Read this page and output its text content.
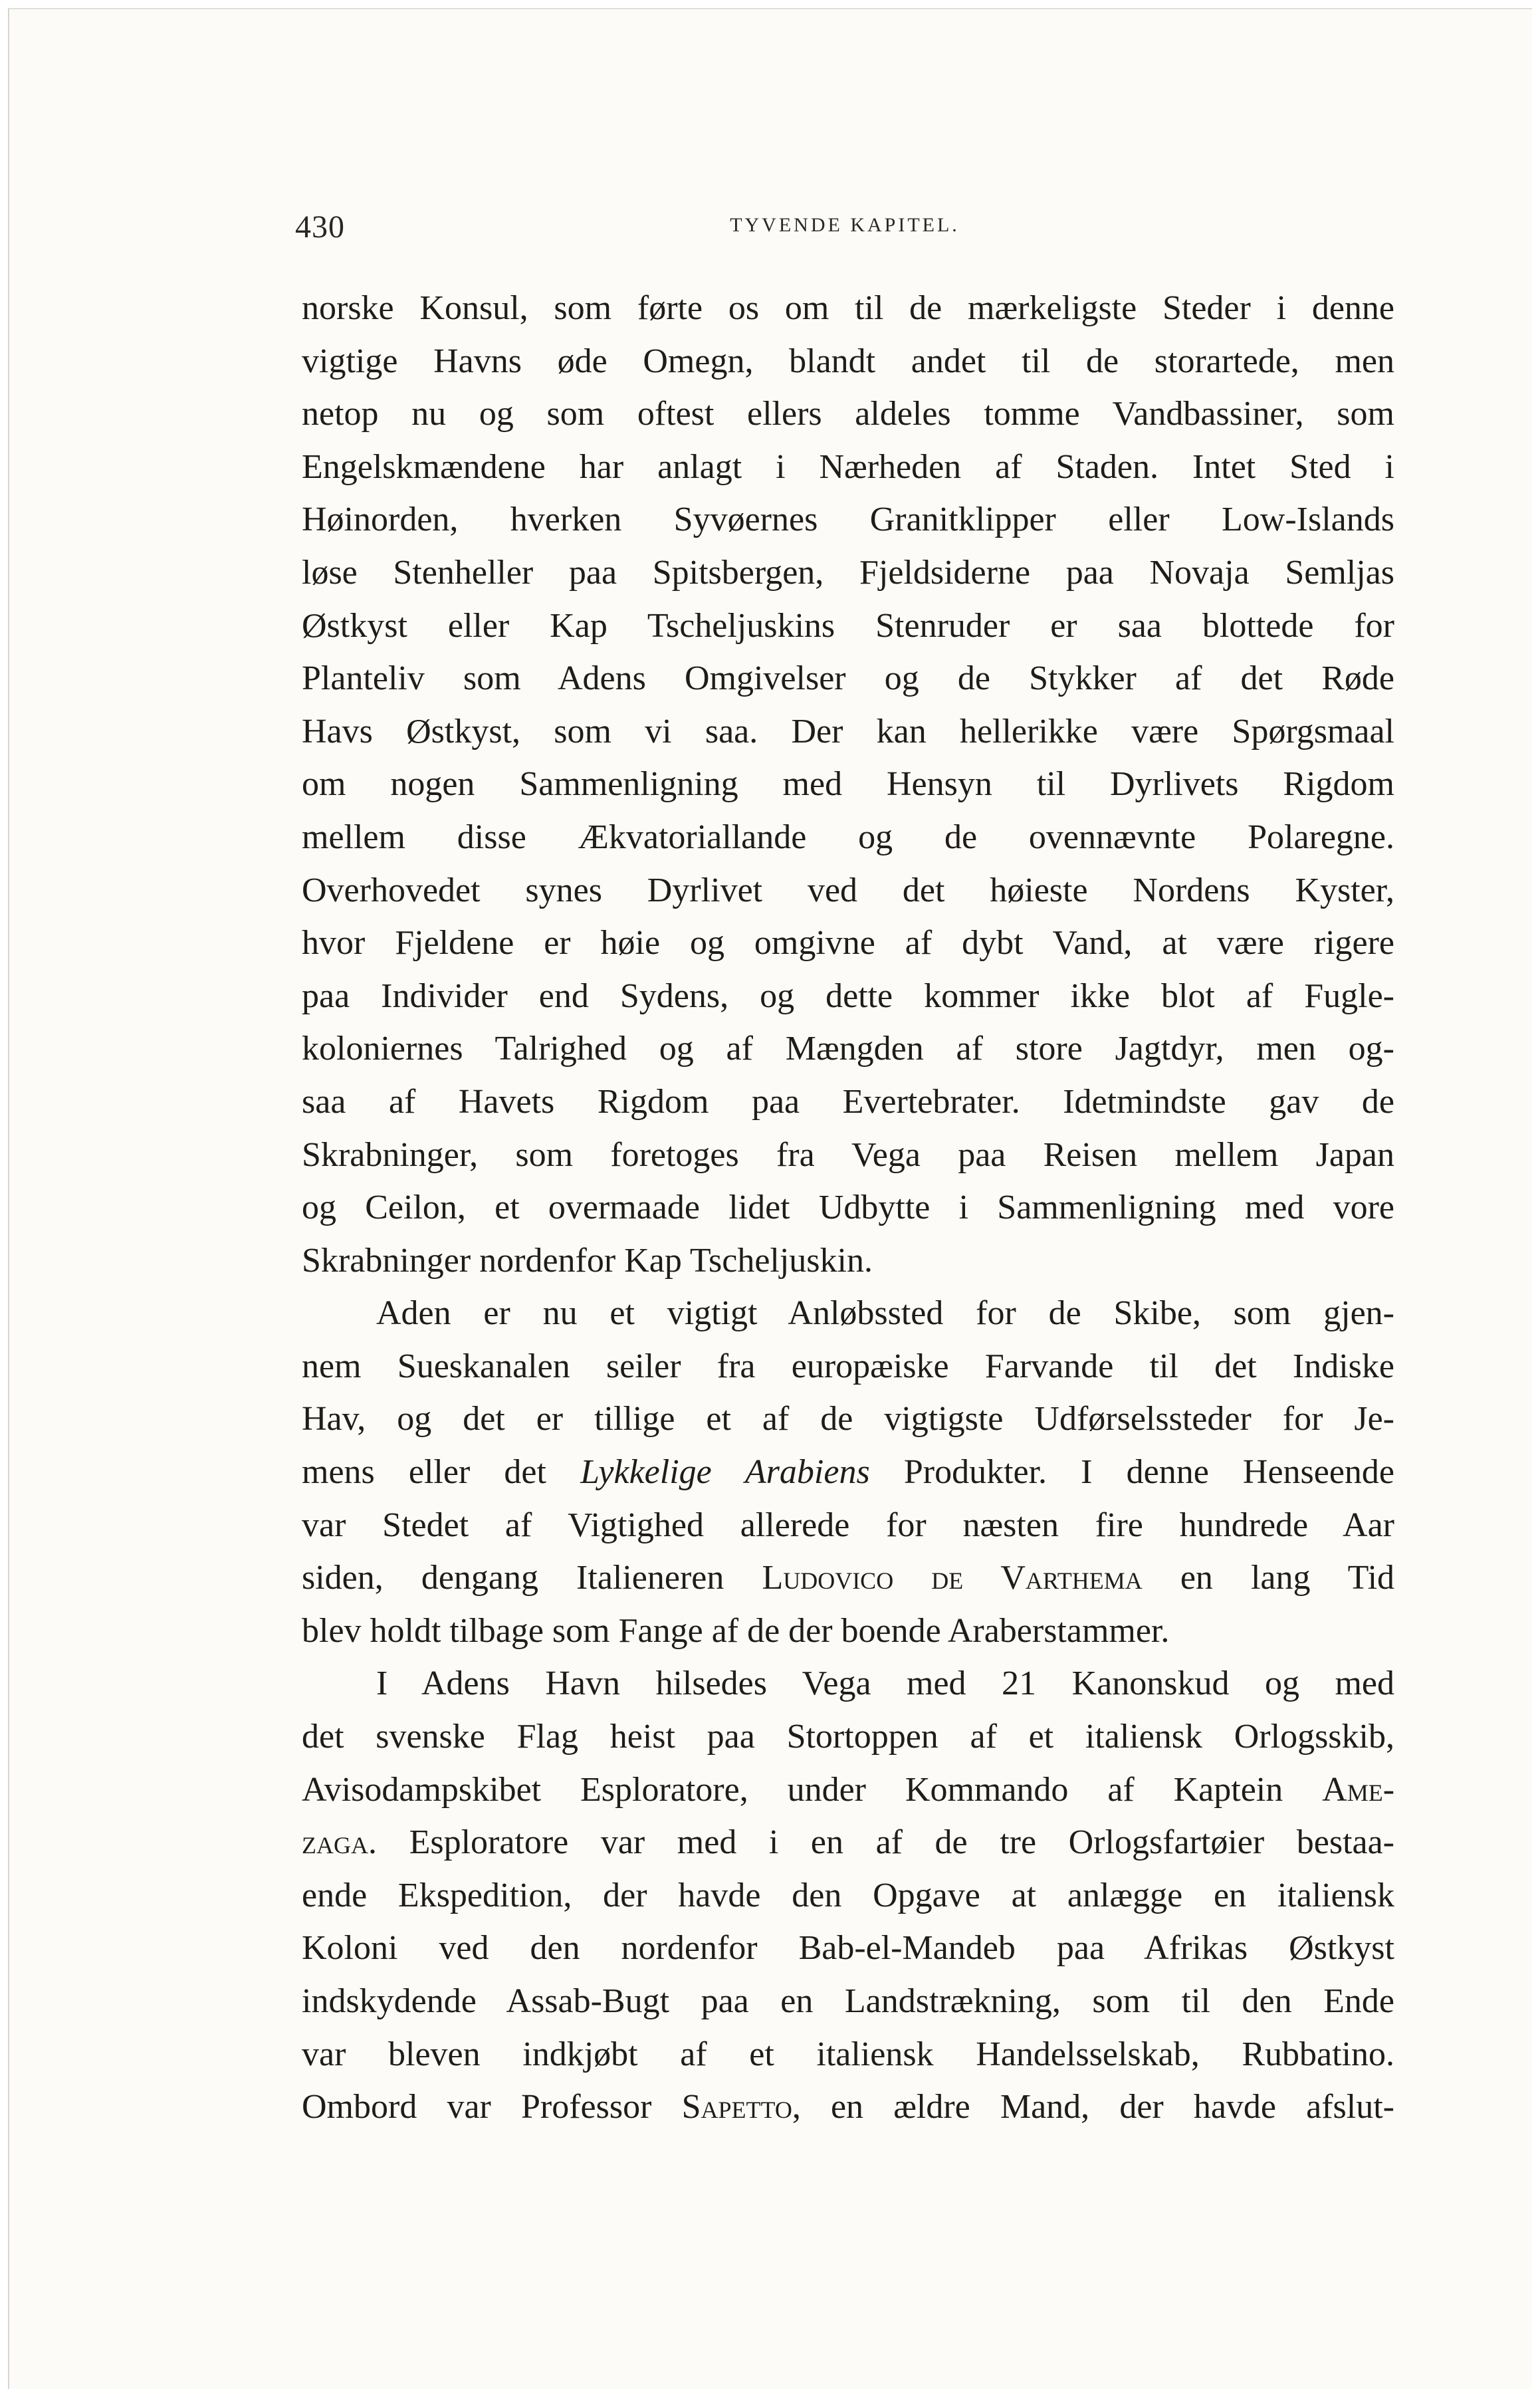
430	TYVENDE KAPITEL.
norske Konsul, som førte os om til de mærkeligste Steder i denne
vigtige Havns øde Omegn, blandt andet til de storartede, men
netop nu og som oftest ellers aldeles tomme Vandbassiner, som
Engelskmændene har anlagt i Nærheden af Staden. Intet Sted i
Høinorden, hverken Syvøernes Granitklipper eller Low-Islands
løse Stenheller paa Spitsbergen, Fjeldsiderne paa Novaja Semljas
Østkyst eller Kap Tscheljuskins Stenruder er saa blottede for
Planteliv som Adens Omgivelser og de Stykker af det Røde
Havs Østkyst, som vi saa. Der kan hellerikke være Spørgsmaal
om nogen Sammenligning med Hensyn til Dyrlivets Rigdom
mellem disse Ækvatoriallande og de ovennævnte Polaregne.
Overhovedet synes Dyrlivet ved det høieste Nordens Kyster,
hvor Fjeldene er høie og omgivne af dybt Vand, at være rigere
paa Individer end Sydens, og dette kommer ikke blot af Fugle-
koloniernes Talrighed og af Mængden af store Jagtdyr, men og-
saa af Havets Rigdom paa Evertebrater. Idetmindste gav de
Skrabninger, som foretoges fra Vega paa Reisen mellem Japan
og Ceilon, et overmaade lidet Udbytte i Sammenligning med vore
Skrabninger nordenfor Kap Tscheljuskin.
Aden er nu et vigtigt Anløbssted for de Skibe, som gjen-
nem Sueskanalen seiler fra europæiske Farvande til det Indiske
Hav, og det er tillige et af de vigtigste Udførselssteder for Je-
mens eller det Lykkelige Arabiens Produkter. I denne Henseende
var Stedet af Vigtighed allerede for næsten fire hundrede Aar
siden, dengang Italieneren Ludovico de Varthema en lang Tid
blev holdt tilbage som Fange af de der boende Araberstammer.
I Adens Havn hilsedes Vega med 21 Kanonskud og med
det svenske Flag heist paa Stortoppen af et italiensk Orlogsskib,
Avisodampskibet Esploratore, under Kommando af Kaptein Ame-
zaga. Esploratore var med i en af de tre Orlogsfartøier bestaa-
ende Ekspedition, der havde den Opgave at anlægge en italiensk
Koloni ved den nordenfor Bab-el-Mandeb paa Afrikas Østkyst
indskydende Assab-Bugt paa en Landstrækning, som til den Ende
var bleven indkjøbt af et italiensk Handelsselskab, Rubbatino.
Ombord var Professor Sapetto, en ældre Mand, der havde afslut-
